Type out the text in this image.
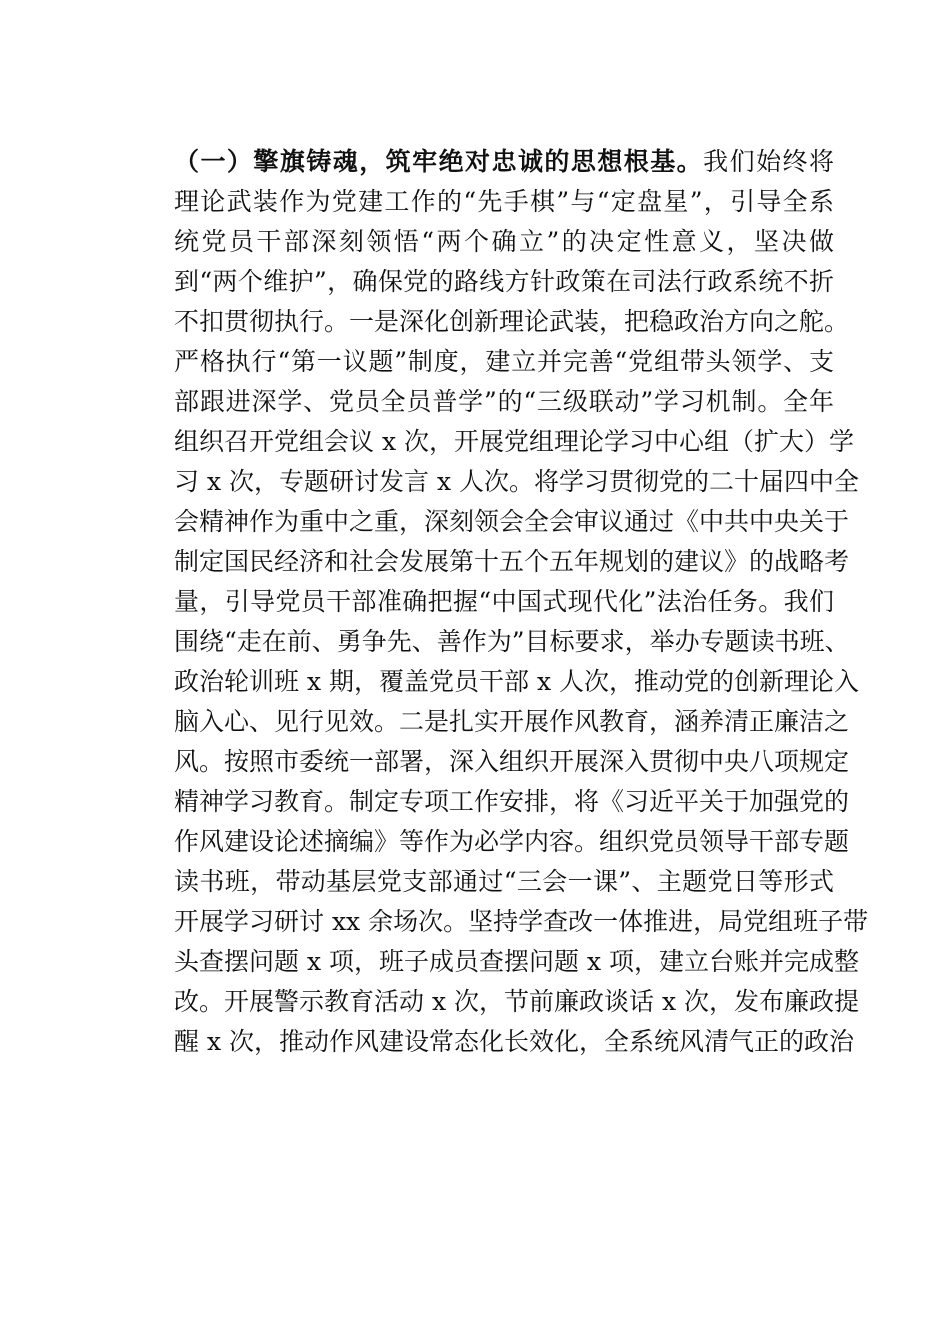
（一）擎旗铸魂，筑牢绝对忠诚的思想根基。我们始终将
理论武装作为党建工作的“先手棋”与“定盘星”，引导全系
统党员干部深刻领悟“两个确立”的决定性意义，坚决做
到“两个维护”，确保党的路线方针政策在司法行政系统不折
不扣贯彻执行。一是深化创新理论武装，把稳政治方向之舵。
严格执行“第一议题”制度，建立并完善“党组带头领学、支
部跟进深学、党员全员普学”的“三级联动”学习机制。全年
组织召开党组会议 x 次，开展党组理论学习中心组（扩大）学
习 x 次，专题研讨发言 x 人次。将学习贯彻党的二十届四中全
会精神作为重中之重，深刻领会全会审议通过《中共中央关于
制定国民经济和社会发展第十五个五年规划的建议》的战略考
量，引导党员干部准确把握“中国式现代化”法治任务。我们
围绕“走在前、勇争先、善作为”目标要求，举办专题读书班、
政治轮训班 x 期，覆盖党员干部 x 人次，推动党的创新理论入
脑入心、见行见效。二是扎实开展作风教育，涵养清正廉洁之
风。按照市委统一部署，深入组织开展深入贯彻中央八项规定
精神学习教育。制定专项工作安排，将《习近平关于加强党的
作风建设论述摘编》等作为必学内容。组织党员领导干部专题
读书班，带动基层党支部通过“三会一课”、主题党日等形式
开展学习研讨 xx 余场次。坚持学查改一体推进，局党组班子带
头查摆问题 x 项，班子成员查摆问题 x 项，建立台账并完成整
改。开展警示教育活动 x 次，节前廉政谈话 x 次，发布廉政提
醒 x 次，推动作风建设常态化长效化，全系统风清气正的政治
